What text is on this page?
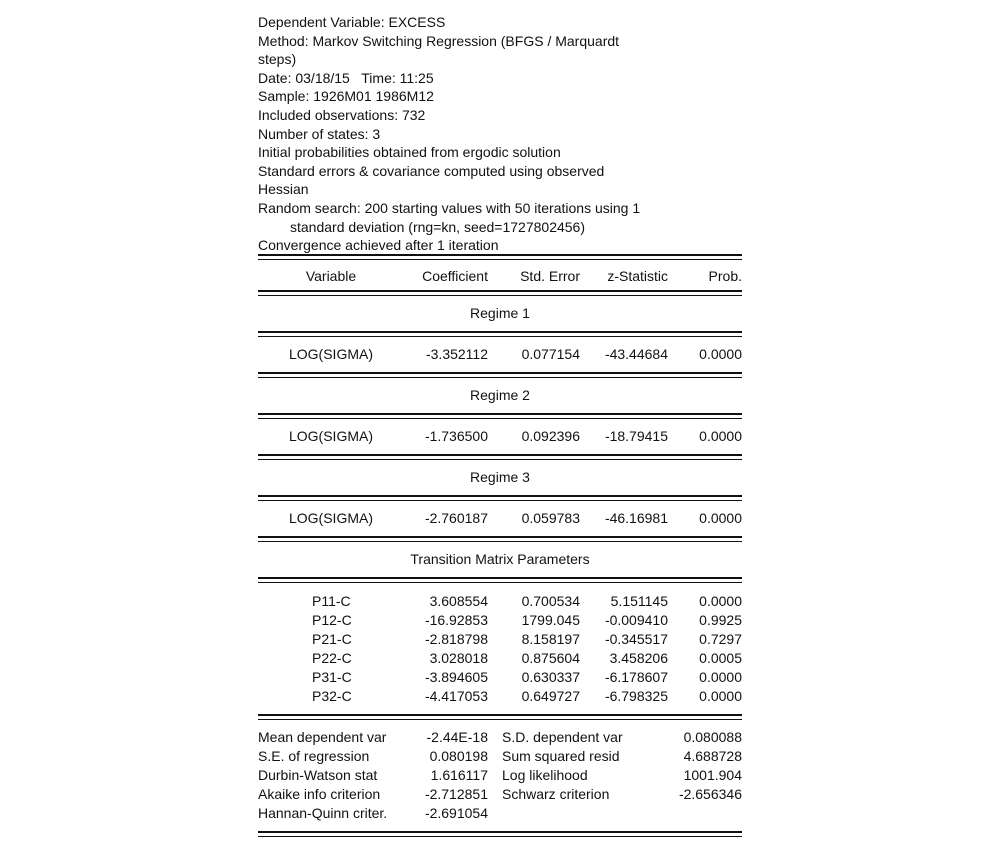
Dependent Variable: EXCESS
Method: Markov Switching Regression (BFGS / Marquardt
steps)
Date: 03/18/15   Time: 11:25
Sample: 1926M01 1986M12
Included observations: 732
Number of states: 3
Initial probabilities obtained from ergodic solution
Standard errors & covariance computed using observed
Hessian
Random search: 200 starting values with 50 iterations using 1
standard deviation (rng=kn, seed=1727802456)
Convergence achieved after 1 iteration
Variable	Coefficient	Std. Error	z-Statistic	Prob.
Regime 1
LOG(SIGMA)	-3.352112	0.077154	-43.44684	0.0000
Regime 2
LOG(SIGMA)	-1.736500	0.092396	-18.79415	0.0000
Regime 3
LOG(SIGMA)	-2.760187	0.059783	-46.16981	0.0000
Transition Matrix Parameters
P11-C	3.608554	0.700534	5.151145	0.0000
P12-C	-16.92853	1799.045	-0.009410	0.9925
P21-C	-2.818798	8.158197	-0.345517	0.7297
P22-C	3.028018	0.875604	3.458206	0.0005
P31-C	-3.894605	0.630337	-6.178607	0.0000
P32-C	-4.417053	0.649727	-6.798325	0.0000
Mean dependent var	-2.44E-18 S.D. dependent var	0.080088
S.E. of regression	0.080198 Sum squared resid	4.688728
Durbin-Watson stat	1.616117 Log likelihood	1001.904
Akaike info criterion	-2.712851 Schwarz criterion	-2.656346
Hannan-Quinn criter.	-2.691054
